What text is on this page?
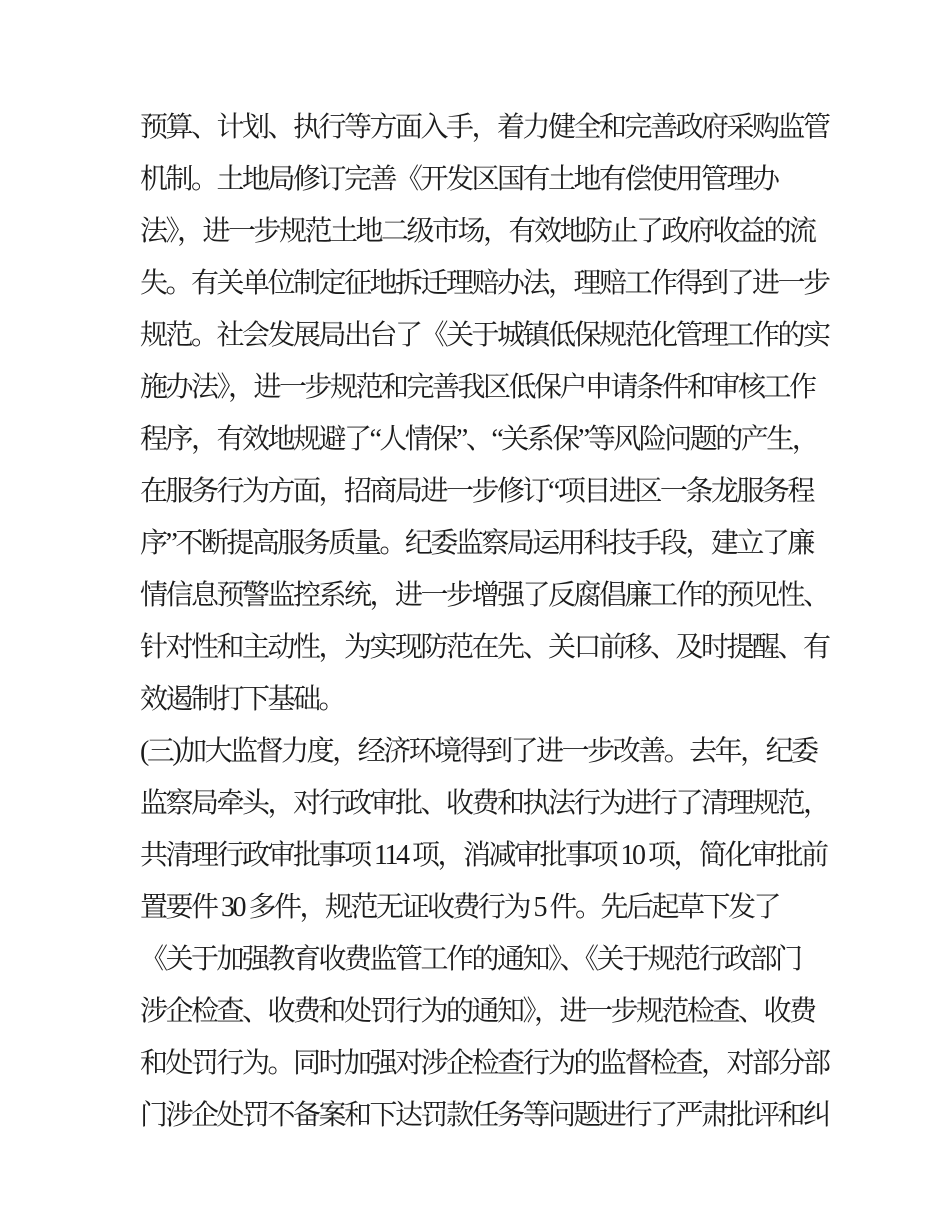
预算、计划、执行等方面入手，着力健全和完善政府采购监管
机制。土地局修订完善《开发区国有土地有偿使用管理办
法》，进一步规范土地二级市场，有效地防止了政府收益的流
失。有关单位制定征地拆迁理赔办法，理赔工作得到了进一步
规范。社会发展局出台了《关于城镇低保规范化管理工作的实
施办法》，进一步规范和完善我区低保户申请条件和审核工作
程序，有效地规避了“人情保”、“关系保”等风险问题的产生，
在服务行为方面，招商局进一步修订“项目进区一条龙服务程
序”不断提高服务质量。纪委监察局运用科技手段，建立了廉
情信息预警监控系统，进一步增强了反腐倡廉工作的预见性、
针对性和主动性，为实现防范在先、关口前移、及时提醒、有
效遏制打下基础。
(三)加大监督力度，经济环境得到了进一步改善。去年，纪委
监察局牵头，对行政审批、收费和执法行为进行了清理规范，
共清理行政审批事项 114 项，消减审批事项 10 项，简化审批前
置要件 30 多件，规范无证收费行为 5 件。先后起草下发了
《关于加强教育收费监管工作的通知》、《关于规范行政部门
涉企检查、收费和处罚行为的通知》，进一步规范检查、收费
和处罚行为。同时加强对涉企检查行为的监督检查，对部分部
门涉企处罚不备案和下达罚款任务等问题进行了严肃批评和纠
